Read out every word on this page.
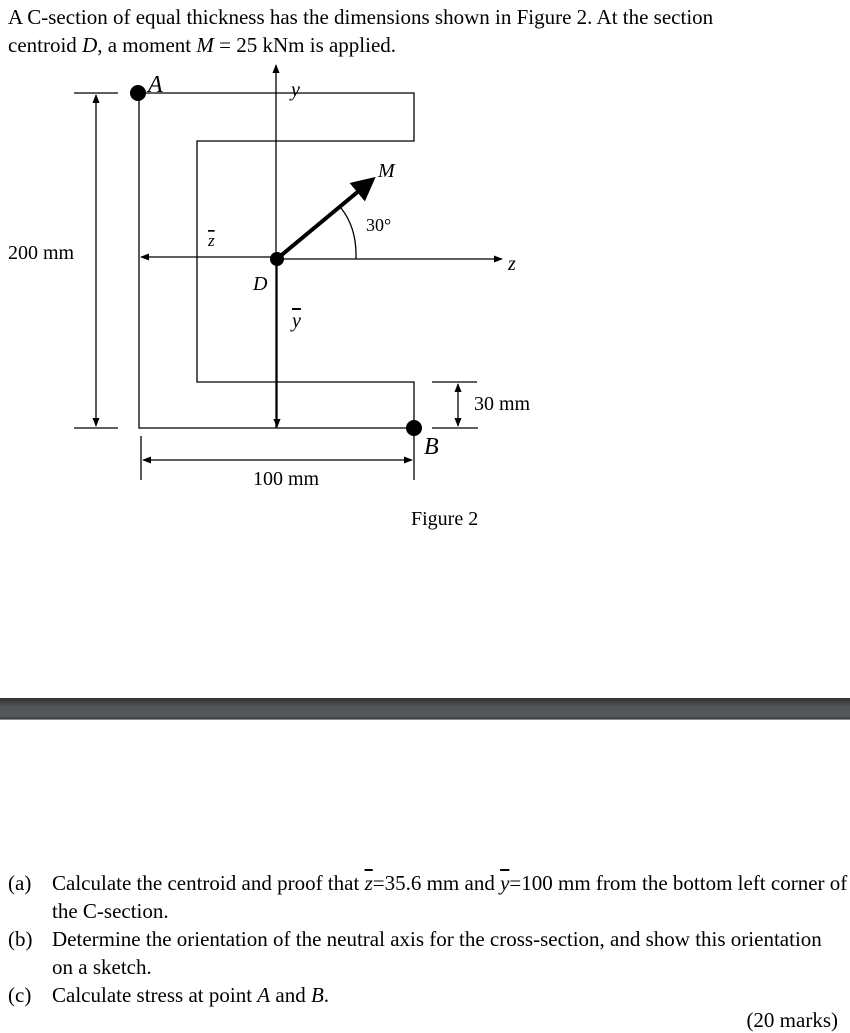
A C-section of equal thickness has the dimensions shown in Figure 2. At the section
centroid D, a moment M = 25 kNm is applied.
A	y
M
30°
z
z
200 mm
D
y
30 mm
B
100 mm
Figure 2
(a) Calculate the centroid and proof that $\overline{z}=35.6$ mm and $\overline{y}=100$ mm from the bottom left corner of the C-section.
(b) Determine the orientation of the neutral axis for the cross-section, and show this orientation on a sketch.
(c) Calculate stress at point A and B.
(20 marks)
